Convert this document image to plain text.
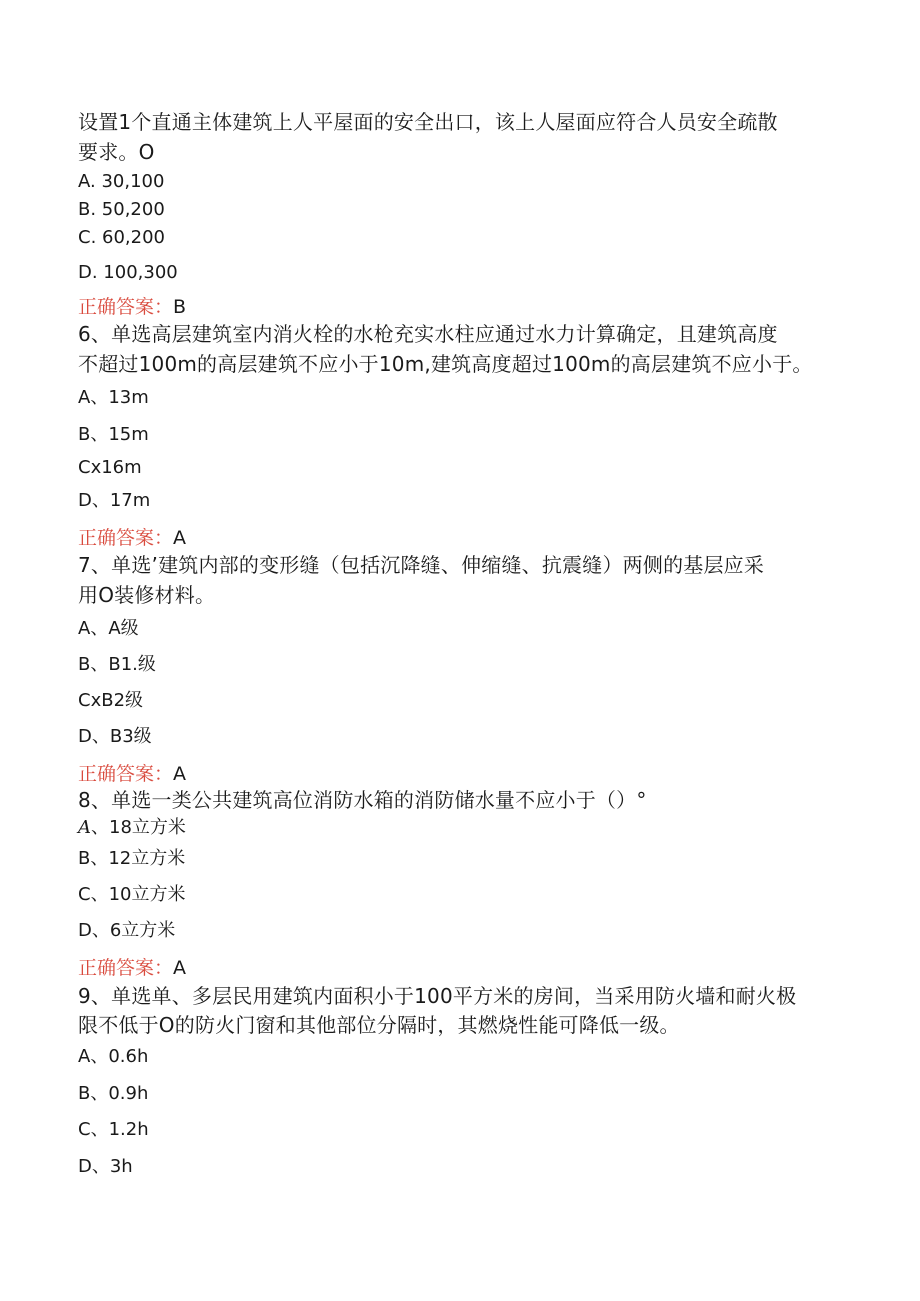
设置1个直通主体建筑上人平屋面的安全出口，该上人屋面应符合人员安全疏散
要求。O
A. 30,100
B. 50,200
C. 60,200
D. 100,300
正确答案：B
6、单选高层建筑室内消火栓的水枪充实水柱应通过水力计算确定，且建筑高度
不超过100m的高层建筑不应小于10m,建筑高度超过100m的高层建筑不应小于。
A、13m
B、15m
Cx16m
D、17m
正确答案：A
7、单选’建筑内部的变形缝（包括沉降缝、伸缩缝、抗震缝）两侧的基层应采
用O装修材料。
A、A级
B、B1.级
CxB2级
D、B3级
正确答案：A
8、单选一类公共建筑高位消防水箱的消防储水量不应小于（）°
A、18立方米
B、12立方米
C、10立方米
D、6立方米
正确答案：A
9、单选单、多层民用建筑内面积小于100平方米的房间，当采用防火墙和耐火极
限不低于O的防火门窗和其他部位分隔时，其燃烧性能可降低一级。
A、0.6h
B、0.9h
C、1.2h
D、3h
